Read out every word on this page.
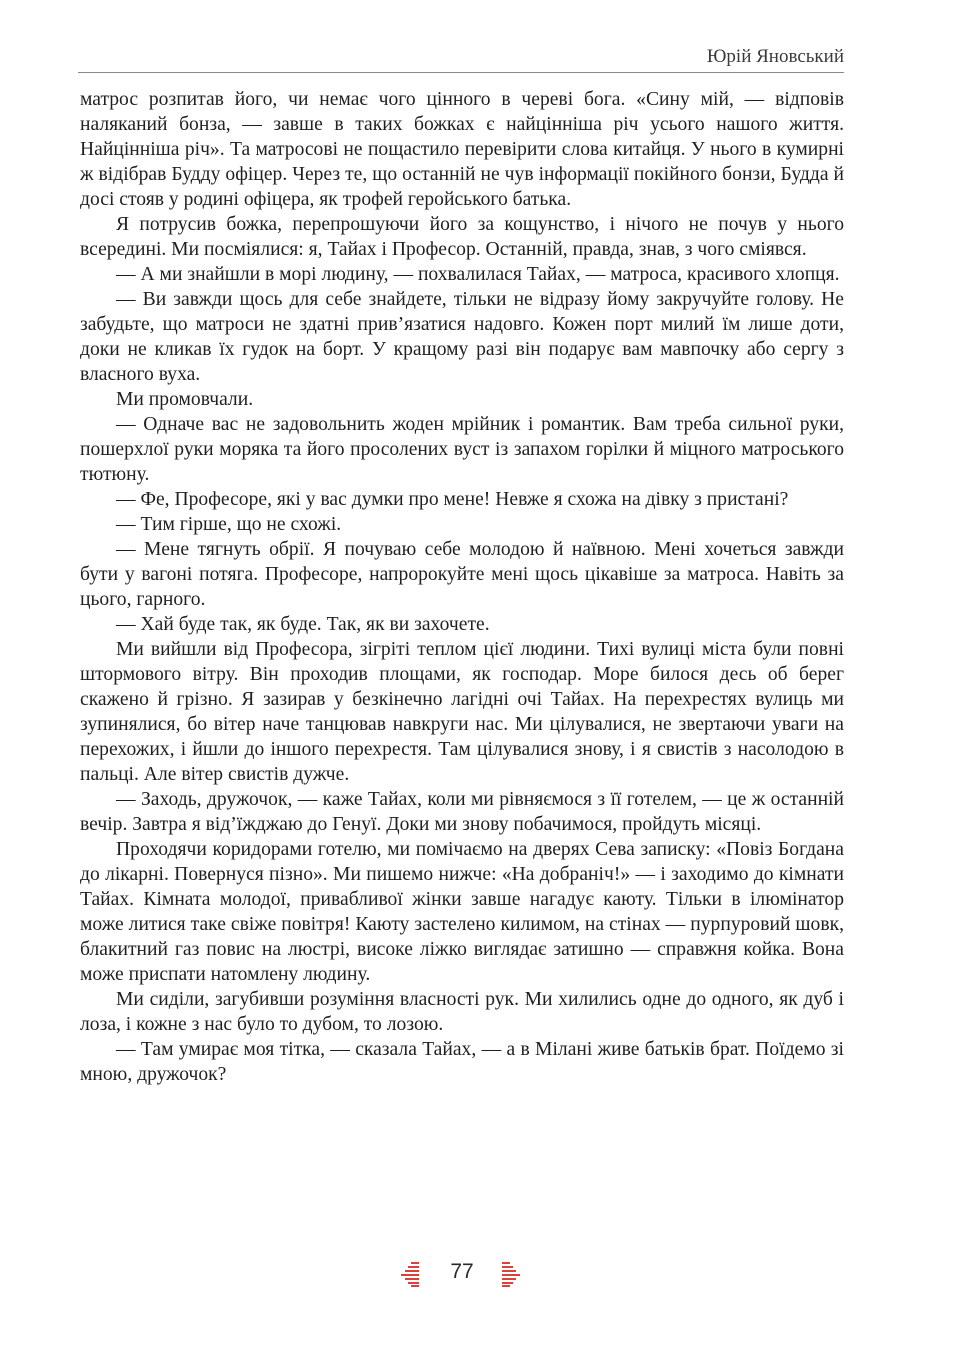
Юрій Яновський

матрос розпитав його, чи немає чого цінного в череві бога. «Сину мій, — відповів наляканий бонза, — завше в таких божках є найцінніша річ усього нашого життя. Найцінніша річ». Та матросові не пощастило перевірити слова китайця. У нього в кумирні ж відібрав Будду офіцер. Через те, що останній не чув інформації покійного бонзи, Будда й досі стояв у родині офіцера, як трофей геройського батька.

Я потрусив божка, перепрошуючи його за кощунство, і нічого не почув у нього всередині. Ми посміялися: я, Тайах і Професор. Останній, правда, знав, з чого сміявся.

— А ми знайшли в морі людину, — похвалилася Тайах, — матроса, красивого хлопця.

— Ви завжди щось для себе знайдете, тільки не відразу йому закручуйте голову. Не забудьте, що матроси не здатні прив’язатися надовго. Кожен порт милий їм лише доти, доки не кликав їх гудок на борт. У кращому разі він подарує вам мавпочку або сергу з власного вуха.

Ми промовчали.

— Одначе вас не задовольнить жоден мрійник і романтик. Вам треба сильної руки, пошерхлої руки моряка та його просолених вуст із запахом горілки й міцного матроського тютюну.

— Фе, Професоре, які у вас думки про мене! Невже я схожа на дівку з пристані?

— Тим гірше, що не схожі.

— Мене тягнуть обрії. Я почуваю себе молодою й наївною. Мені хочеться завжди бути у вагоні потяга. Професоре, напророкуйте мені щось цікавіше за матроса. Навіть за цього, гарного.

— Хай буде так, як буде. Так, як ви захочете.

Ми вийшли від Професора, зігріті теплом цієї людини. Тихі вулиці міста були повні штормового вітру. Він проходив площами, як господар. Море билося десь об берег скажено й грізно. Я зазирав у безкінечно лагідні очі Тайах. На перехрестях вулиць ми зупинялися, бо вітер наче танцював навкруги нас. Ми цілувалися, не звертаючи уваги на перехожих, і йшли до іншого перехрестя. Там цілувалися знову, і я свистів з насолодою в пальці. Але вітер свистів дужче.

— Заходь, дружочок, — каже Тайах, коли ми рівняємося з її готелем, — це ж останній вечір. Завтра я від’їжджаю до Генуї. Доки ми знову побачимося, пройдуть місяці.

Проходячи коридорами готелю, ми помічаємо на дверях Сева записку: «Повіз Богдана до лікарні. Повернуся пізно». Ми пишемо нижче: «На добраніч!» — і заходимо до кімнати Тайах. Кімната молодої, привабливої жінки завше нагадує каюту. Тільки в ілюмінатор може литися таке свіже повітря! Каюту застелено килимом, на стінах — пурпуровий шовк, блакитний газ повис на люстрі, високе ліжко виглядає затишно — справжня койка. Вона може приспати натомлену людину.

Ми сиділи, загубивши розуміння власності рук. Ми хилились одне до одного, як дуб і лоза, і кожне з нас було то дубом, то лозою.

— Там умирає моя тітка, — сказала Тайах, — а в Мілані живе батьків брат. Поїдемо зі мною, дружочок?

77
